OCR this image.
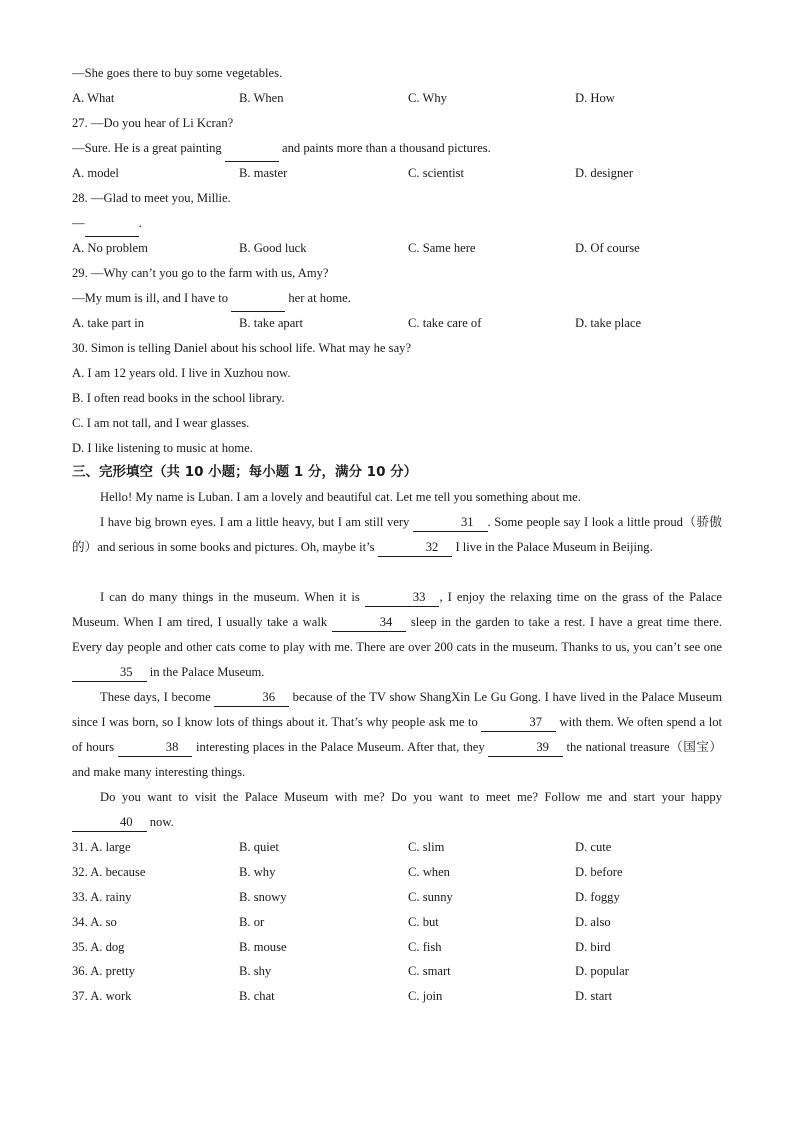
—She goes there to buy some vegetables.
A. What	B. When	C. Why	D. How
27. —Do you hear of Li Kcran?
—Sure. He is a great painting	and paints more than a thousand pictures.
A. model	B. master	C. scientist	D. designer
28. —Glad to meet you, Millie.
—	.
A. No problem	B. Good luck	C. Same here	D. Of course
29. —Why can’t you go to the farm with us, Amy?
—My mum is ill, and I have to	her at home.
A. take part in	B. take apart	C. take care of	D. take place
30. Simon is telling Daniel about his school life. What may he say?
A. I am 12 years old. I live in Xuzhou now.
B. I often read books in the school library.
C. I am not tall, and I wear glasses.
D. I like listening to music at home.
三、完形填空（共 10 小题；每小题 1 分，满分 10 分）

Hello! My name is Luban. I am a lovely and beautiful cat. Let me tell you something about me.

I have big brown eyes. I am a little heavy, but I am still very	31 . Some people say I look a little proud（骄傲的）and serious in some books and pictures. Oh, maybe it’s	32 I live in the Palace Museum in Beijing.

I can do many things in the museum. When it is	33 , I enjoy the relaxing time on the grass of the Palace Museum. When I am tired, I usually take a walk	34 sleep in the garden to take a rest. I have a great time there. Every day people and other cats come to play with me. There are over 200 cats in the museum. Thanks to us, you can’t see one 35 in the Palace Museum.

These days, I become	36 because of the TV show ShangXin Le Gu Gong. I have lived in the Palace Museum since I was born, so I know lots of things about it. That’s why people ask me to	37 with them. We often spend a lot of hours	38 interesting places in the Palace Museum. After that, they	39 the national treasure（国宝）and make many interesting things.

Do you want to visit the Palace Museum with me? Do you want to meet me? Follow me and start your happy 40 now.

31. A. large	B. quiet	C. slim	D. cute
32. A. because	B. why	C. when	D. before
33. A. rainy	B. snowy	C. sunny	D. foggy
34. A. so	B. or	C. but	D. also
35. A. dog	B. mouse	C. fish	D. bird
36. A. pretty	B. shy	C. smart	D. popular
37. A. work	B. chat	C. join	D. start
